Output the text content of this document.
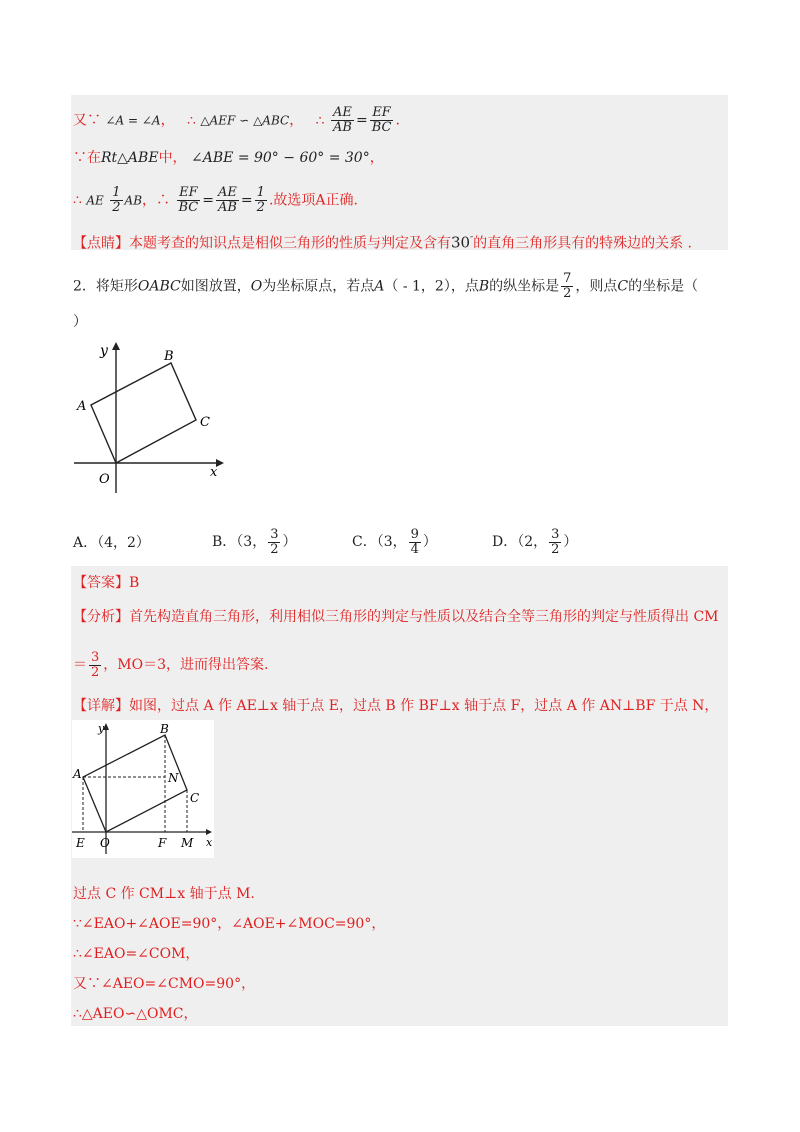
又∵ ∠A = ∠A， ∴ △AEF ∽ △ABC， ∴ $\frac{AE}{AB} = \frac{EF}{BC}$ .
∵在Rt△ABE中， ∠ABE = 90° − 60° = 30°，
∴ AE $\frac{1}{2}$ AB，∴ $\frac{EF}{BC} = \frac{AE}{AB} = \frac{1}{2}$ .故选项A正确.
【点睛】本题考查的知识点是相似三角形的性质与判定及含有30″的直角三角形具有的特殊边的关系 .
2．将矩形OABC如图放置，O为坐标原点，若点A（ - 1，2），点B的纵坐标是 $\frac{7}{2}$ ，则点C的坐标是（
）
y
x
O
A
B
C
A．（4，2）	B．（3， $\frac{3}{2}$ ）	C．（3， $\frac{9}{4}$ ）	D．（2， $\frac{3}{2}$ ）
【答案】B
【分析】首先构造直角三角形，利用相似三角形的判定与性质以及结合全等三角形的判定与性质得出 CM
＝ $\frac{3}{2}$ ，MO＝3，进而得出答案.
【详解】如图，过点 A 作 AE⊥x 轴于点 E，过点 B 作 BF⊥x 轴于点 F，过点 A 作 AN⊥BF 于点 N，
y
x
A
B
C
N
E O	F M
过点 C 作 CM⊥x 轴于点 M.
∵∠EAO+∠AOE=90°，∠AOE+∠MOC=90°，
∴∠EAO=∠COM，
又∵∠AEO=∠CMO=90°，
∴△AEO∽△OMC，
